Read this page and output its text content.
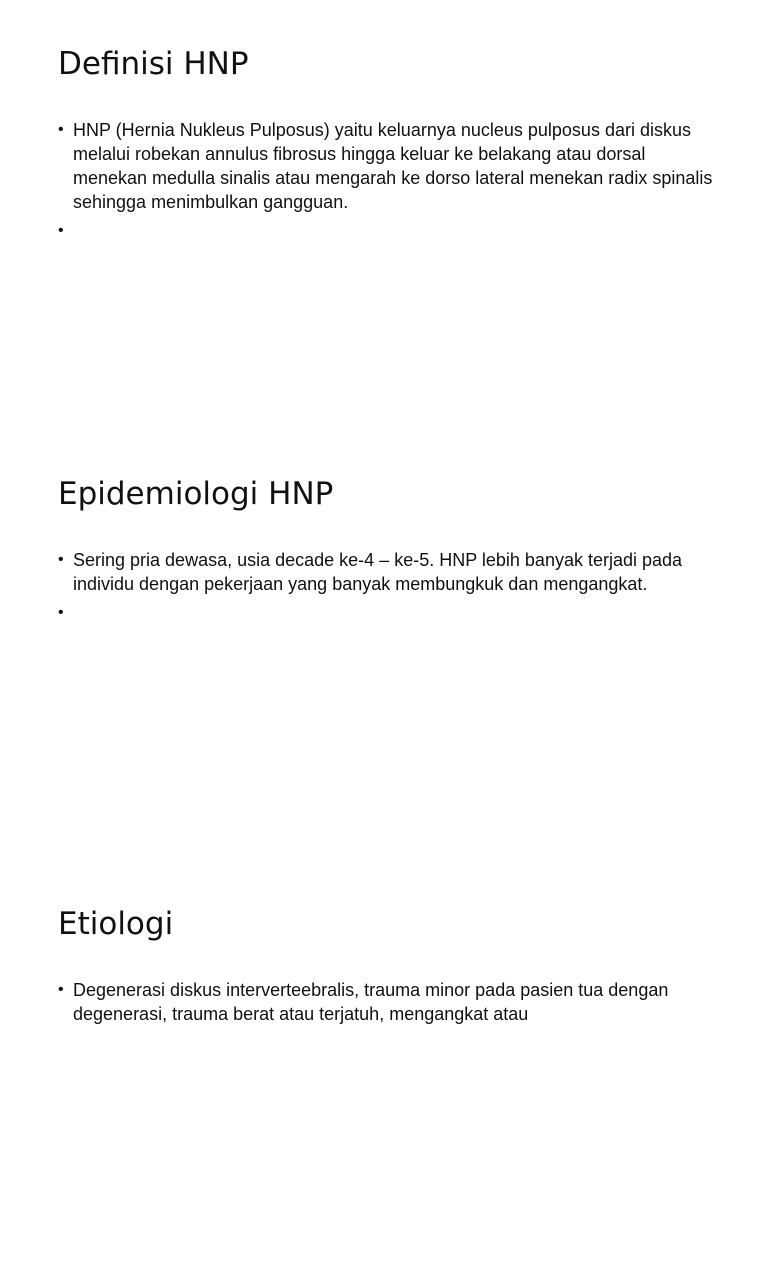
Definisi HNP
• HNP (Hernia Nukleus Pulposus) yaitu keluarnya nucleus pulposus dari diskus melalui robekan annulus fibrosus hingga keluar ke belakang atau dorsal menekan medulla sinalis atau mengarah ke dorso lateral menekan radix spinalis sehingga menimbulkan gangguan.
•
Epidemiologi HNP
• Sering pria dewasa, usia decade ke-4 – ke-5. HNP lebih banyak terjadi pada individu dengan pekerjaan yang banyak membungkuk dan mengangkat.
•
Etiologi
• Degenerasi diskus interverteebralis, trauma minor pada pasien tua dengan degenerasi, trauma berat atau terjatuh, mengangkat atau
